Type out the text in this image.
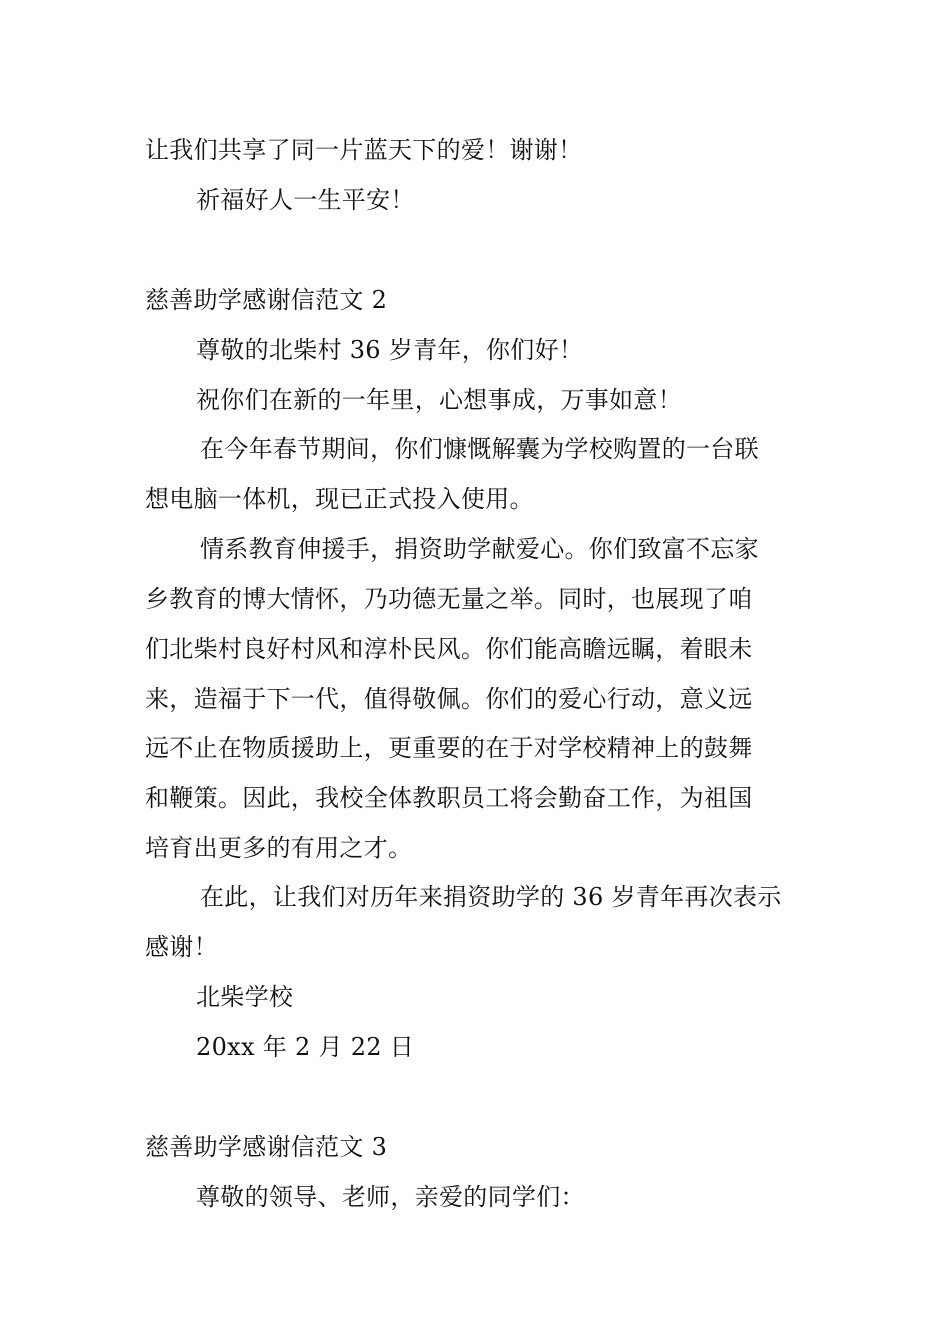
让我们共享了同一片蓝天下的爱！谢谢！
祈福好人一生平安！
慈善助学感谢信范文 2
尊敬的北柴村 36 岁青年，你们好！
祝你们在新的一年里，心想事成，万事如意！
在今年春节期间，你们慷慨解囊为学校购置的一台联
想电脑一体机，现已正式投入使用。
情系教育伸援手，捐资助学献爱心。你们致富不忘家
乡教育的博大情怀，乃功德无量之举。同时，也展现了咱
们北柴村良好村风和淳朴民风。你们能高瞻远瞩，着眼未
来，造福于下一代，值得敬佩。你们的爱心行动，意义远
远不止在物质援助上，更重要的在于对学校精神上的鼓舞
和鞭策。因此，我校全体教职员工将会勤奋工作，为祖国
培育出更多的有用之才。
在此，让我们对历年来捐资助学的 36 岁青年再次表示
感谢！
北柴学校
20xx 年 2 月 22 日
慈善助学感谢信范文 3
尊敬的领导、老师，亲爱的同学们：
